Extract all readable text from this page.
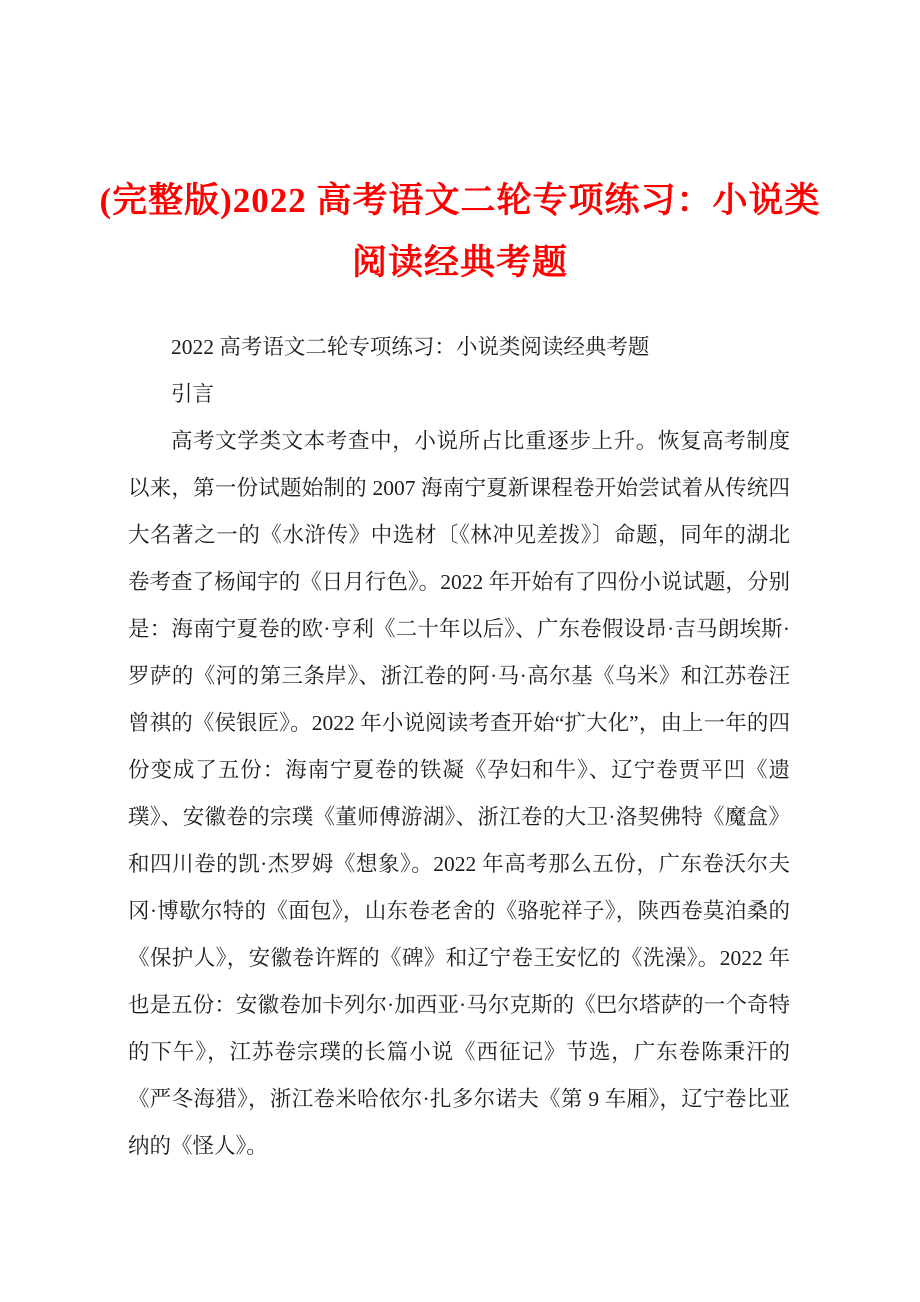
(完整版)2022 高考语文二轮专项练习：小说类
阅读经典考题

2022 高考语文二轮专项练习：小说类阅读经典考题

引言

高考文学类文本考查中，小说所占比重逐步上升。恢复高考制度以来，第一份试题始制的 2007 海南宁夏新课程卷开始尝试着从传统四大名著之一的《水浒传》中选材〔《林冲见差拨》〕命题，同年的湖北卷考查了杨闻宇的《日月行色》。2022 年开始有了四份小说试题，分别是：海南宁夏卷的欧·亨利《二十年以后》、广东卷假设昂·吉马朗埃斯·罗萨的《河的第三条岸》、浙江卷的阿·马·高尔基《乌米》和江苏卷汪曾祺的《侯银匠》。2022 年小说阅读考查开始“扩大化”，由上一年的四份变成了五份：海南宁夏卷的铁凝《孕妇和牛》、辽宁卷贾平凹《遗璞》、安徽卷的宗璞《董师傅游湖》、浙江卷的大卫·洛契佛特《魔盒》和四川卷的凯·杰罗姆《想象》。2022 年高考那么五份，广东卷沃尔夫冈·博歇尔特的《面包》，山东卷老舍的《骆驼祥子》，陕西卷莫泊桑的《保护人》，安徽卷许辉的《碑》和辽宁卷王安忆的《洗澡》。2022 年也是五份：安徽卷加卡列尔·加西亚·马尔克斯的《巴尔塔萨的一个奇特的下午》，江苏卷宗璞的长篇小说《西征记》节选，广东卷陈秉汗的《严冬海猎》，浙江卷米哈依尔·扎多尔诺夫《第 9 车厢》，辽宁卷比亚纳的《怪人》。
